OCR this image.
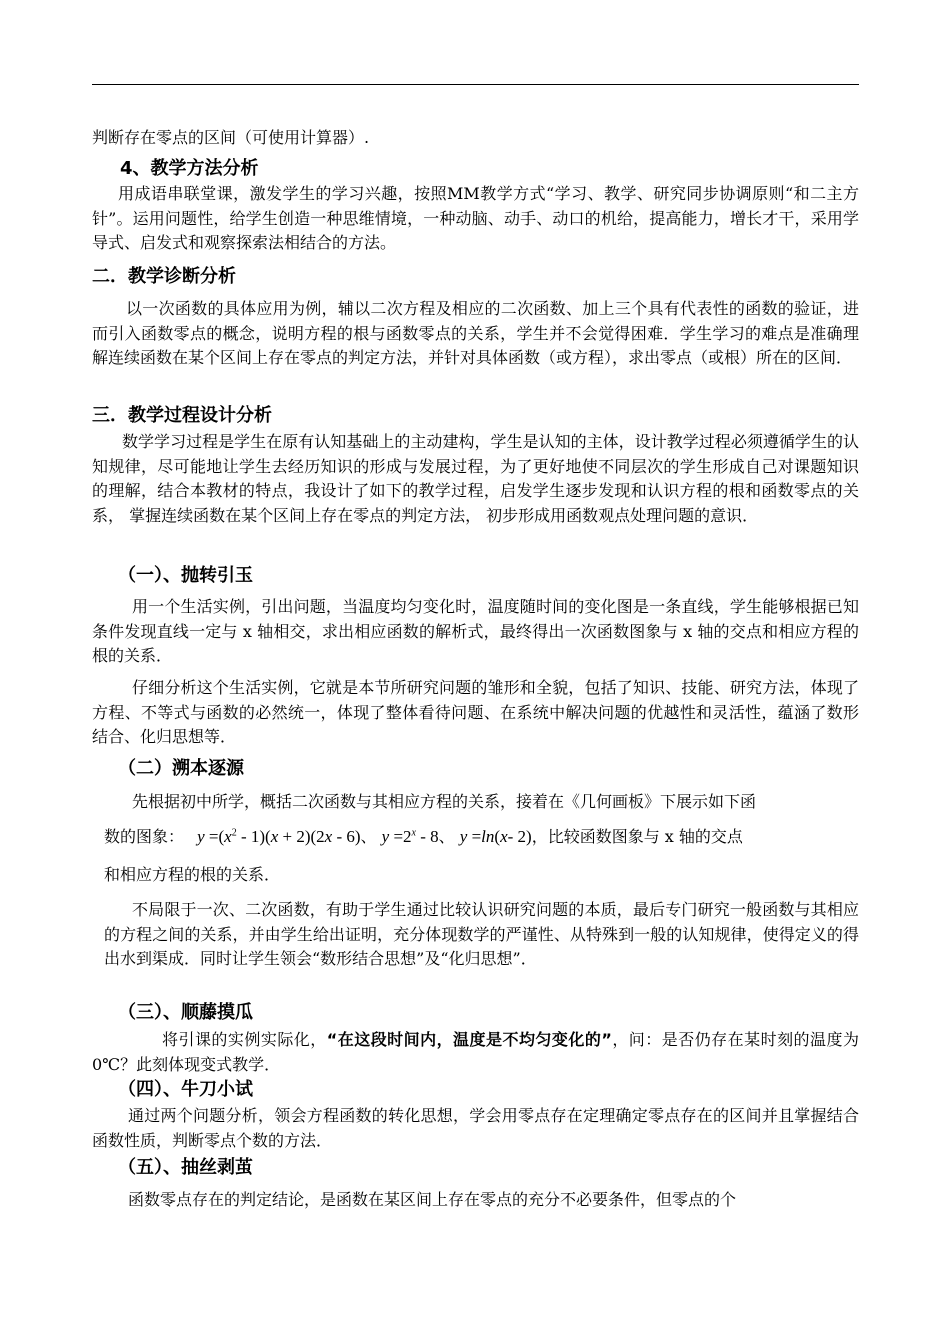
判断存在零点的区间（可使用计算器）.

4、教学方法分析

用成语串联堂课，激发学生的学习兴趣，按照MM教学方式“学习、教学、研究同步协调原则“和二主方针”。运用问题性，给学生创造一种思维情境，一种动脑、动手、动口的机给，提高能力，增长才干，采用学导式、启发式和观察探索法相结合的方法。

二．教学诊断分析

以一次函数的具体应用为例，辅以二次方程及相应的二次函数、加上三个具有代表性的函数的验证，进而引入函数零点的概念，说明方程的根与函数零点的关系，学生并不会觉得困难．学生学习的难点是准确理解连续函数在某个区间上存在零点的判定方法，并针对具体函数（或方程），求出零点（或根）所在的区间．

三．教学过程设计分析

数学学习过程是学生在原有认知基础上的主动建构，学生是认知的主体，设计教学过程必须遵循学生的认知规律，尽可能地让学生去经历知识的形成与发展过程，为了更好地使不同层次的学生形成自己对课题知识的理解，结合本教材的特点，我设计了如下的教学过程，启发学生逐步发现和认识方程的根和函数零点的关系， 掌握连续函数在某个区间上存在零点的判定方法， 初步形成用函数观点处理问题的意识．

（一）、抛转引玉

用一个生活实例，引出问题，当温度均匀变化时，温度随时间的变化图是一条直线，学生能够根据已知条件发现直线一定与 x 轴相交，求出相应函数的解析式，最终得出一次函数图象与 x 轴的交点和相应方程的根的关系．

仔细分析这个生活实例，它就是本节所研究问题的雏形和全貌，包括了知识、技能、研究方法，体现了方程、不等式与函数的必然统一，体现了整体看待问题、在系统中解决问题的优越性和灵活性，蕴涵了数形结合、化归思想等．

（二）溯本逐源

先根据初中所学，概括二次函数与其相应方程的关系，接着在《几何画板》下展示如下函

数的图象： $y =(x^2 - 1)(x + 2)(2x - 6)$、 $y =2^x - 8$、 y =ln(x- 2)，比较函数图象与 x 轴的交点

和相应方程的根的关系．

不局限于一次、二次函数，有助于学生通过比较认识研究问题的本质，最后专门研究一般函数与其相应的方程之间的关系，并由学生给出证明，充分体现数学的严谨性、从特殊到一般的认知规律，使得定义的得出水到渠成．同时让学生领会“数形结合思想”及“化归思想”．

（三）、顺藤摸瓜

将引课的实例实际化，“在这段时间内，温度是不均匀变化的”，问：是否仍存在某时刻的温度为0℃？此刻体现变式教学．

（四）、牛刀小试

通过两个问题分析，领会方程函数的转化思想，学会用零点存在定理确定零点存在的区间并且掌握结合函数性质，判断零点个数的方法．

（五）、抽丝剥茧

函数零点存在的判定结论，是函数在某区间上存在零点的充分不必要条件，但零点的个
